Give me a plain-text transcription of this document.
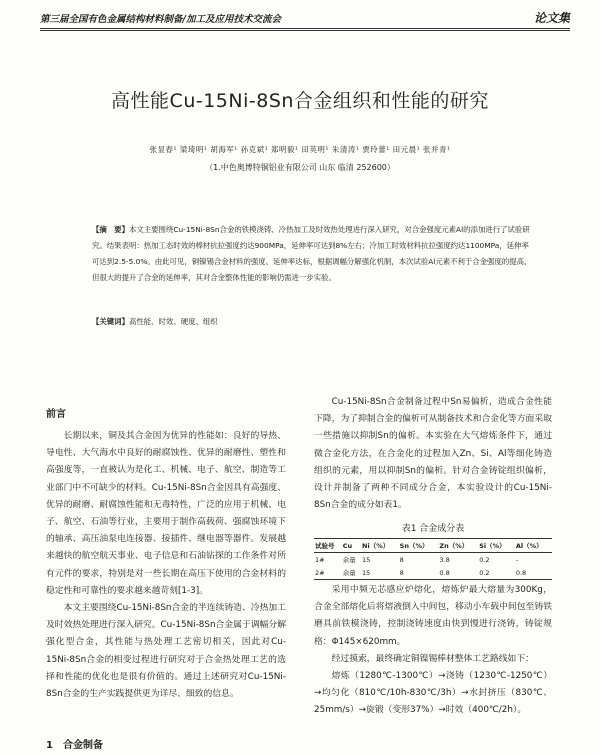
第三届全国有色金属结构材料制备/加工及应用技术交流会	论文集
高性能Cu-15Ni-8Sn合金组织和性能的研究
张显春¹ 梁琦明¹ 胡海军¹ 孙克斌¹ 郑明毅¹ 田英明¹ 朱清涛¹ 贾玲蕾¹ 田元晨¹ 张并青¹
（1.中色奥博特铜铝业有限公司 山东 临清 252600）
【摘　要】本文主要围绕Cu-15Ni-8Sn合金的铁模浇铸、冷热加工及时效热处理进行深入研究，对合金强度元素Al的添加进行了试验研究。结果表明：热加工态时效的棒材抗拉强度约达900MPa，延伸率可达到8%左右；冷加工时效材料抗拉强度约达1100MPa，延伸率可达到2.5-5.0%。由此可见，铜镍锡合金材料的强度、延伸率达标，根据调幅分解强化机制，本次试验Al元素不利于合金强度的提高，但很大的提升了合金的延伸率，其对合金整体性能的影响仍需进一步实验。
【关键词】高性能、时效、硬度、组织
前言

长期以来，铜及其合金因为优异的性能如：良好的导热、导电性、大气海水中良好的耐腐蚀性、优异的耐磨性、塑性和高强度等，一直被认为是化工、机械、电子、航空、制造等工业部门中不可缺少的材料。Cu-15Ni-8Sn合金因具有高强度、优异的耐磨、耐腐蚀性能和无毒特性，广泛的应用于机械、电子、航空、石油等行业，主要用于制作高载荷、强腐蚀环境下的轴承、高压油泵电连接器、接插件、继电器等器件。发展越来越快的航空航天事业、电子信息和石油钻探的工作条件对所有元件的要求，特别是对一些长期在高压下使用的合金材料的稳定性和可靠性的要求越来越苛刻[1-3]。

本文主要围绕Cu-15Ni-8Sn合金的半连续铸造、冷热加工及时效热处理进行深入研究。Cu-15Ni-8Sn合金属于调幅分解强化型合金，其性能与热处理工艺密切相关，因此对Cu-15Ni-8Sn合金的相变过程进行研究对于合金热处理工艺的选择和性能的优化也是很有价值的。通过上述研究对Cu-15Ni-8Sn合金的生产实践提供更为详尽、细致的信息。

1　合金制备

Cu-15Ni-8Sn合金制备过程中Sn易偏析，造成合金性能下降，为了抑制合金的偏析可从制备技术和合金化等方面采取一些措施以抑制Sn的偏析。本实验在大气熔炼条件下，通过微合金化方法，在合金化的过程加入Zn、Si、Al等细化铸造组织的元素，用以抑制Sn的偏析。针对合金铸锭组织偏析，设计并制备了两种不同成分合金，本实验设计的Cu-15Ni-8Sn合金的成分如表1。

表1 合金成分表
试验号	Cu	Ni（%）	Sn（%）	Zn（%）	Si（%）	Al（%）
1#	余量	15	8	3.8	0.2	-
2#	余量	15	8	0.8	0.2	0.8

采用中频无芯感应炉熔化，熔炼炉最大熔量为300Kg，合金全部熔化后将熔液倒入中间包，移动小车载中间包至铸铁磨具前铁模浇铸，控制浇铸速度由快到慢进行浇铸，铸锭规格：Φ145×620mm。

经过摸索，最终确定铜镍锡棒材整体工艺路线如下：

熔炼（1280℃-1300℃）→浇铸（1230℃-1250℃）→均匀化（810℃/10h-830℃/3h）→水封挤压（830℃、25mm/s）→旋锻（变形37%）→时效（400℃/2h）。
